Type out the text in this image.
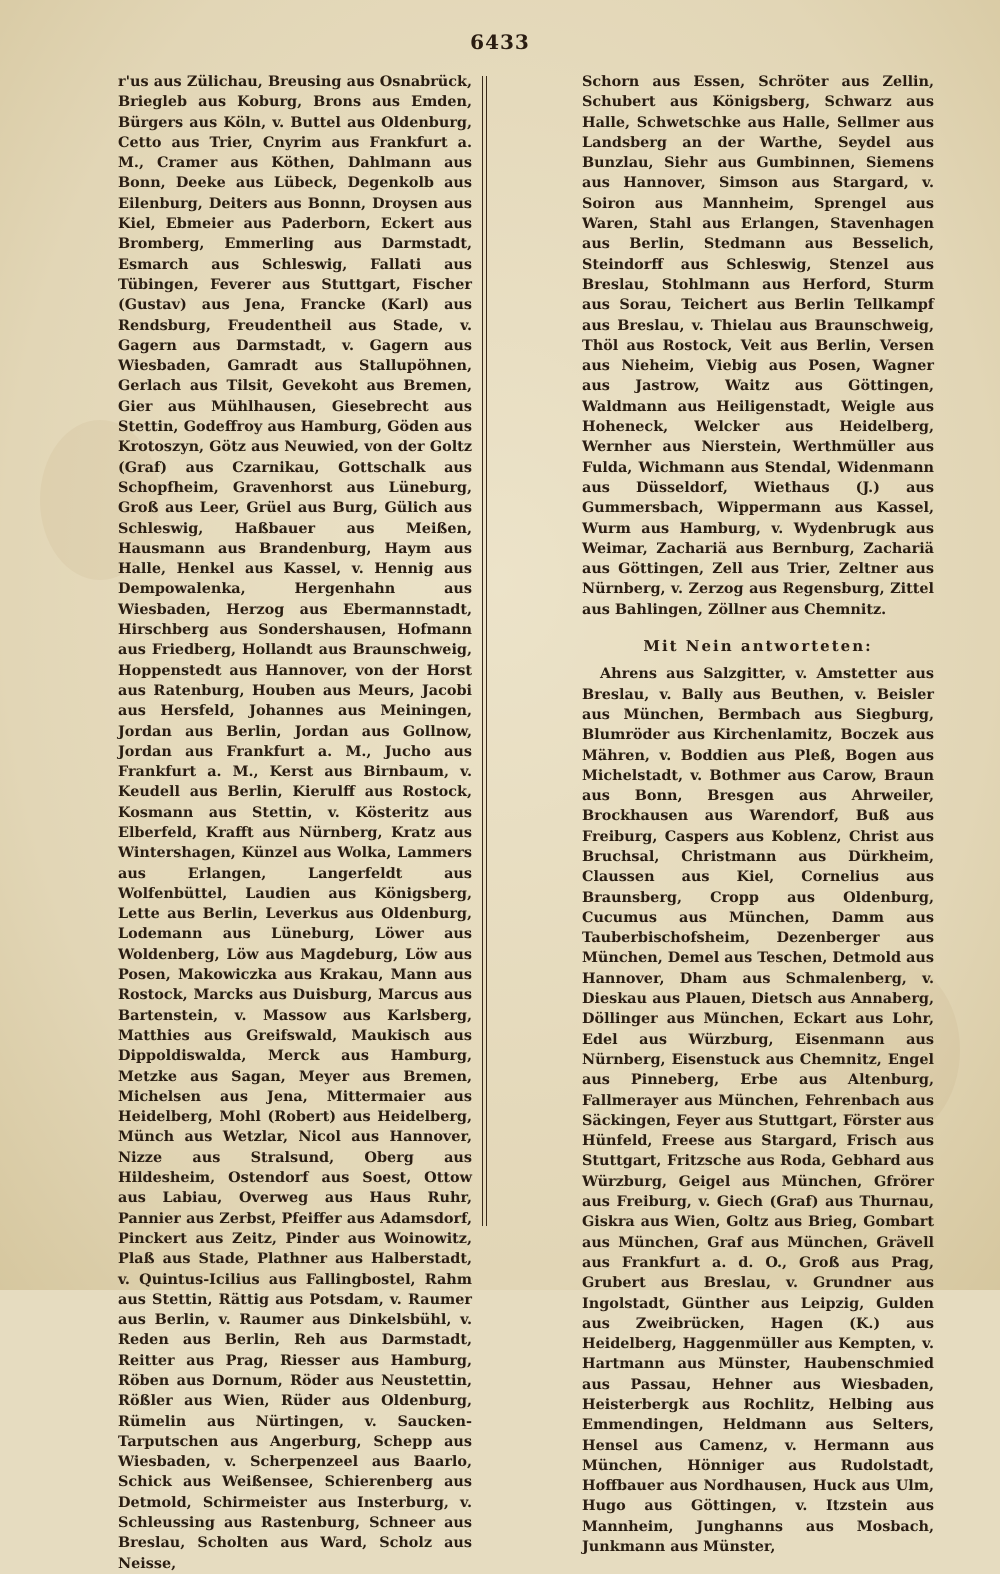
6433

r'us aus Zülichau, Breusing aus Osnabrück, Briegleb aus Koburg, Brons aus Emden, Bürgers aus Köln, v. Buttel aus Oldenburg, Cetto aus Trier, Cnyrim aus Frankfurt a. M., Cramer aus Köthen, Dahlmann aus Bonn, Deeke aus Lübeck, Degenkolb aus Eilenburg, Deiters aus Bonnn, Droysen aus Kiel, Ebmeier aus Paderborn, Eckert aus Bromberg, Emmerling aus Darmstadt, Esmarch aus Schleswig, Fallati aus Tübingen, Feverer aus Stuttgart, Fischer (Gustav) aus Jena, Francke (Karl) aus Rendsburg, Freudentheil aus Stade, v. Gagern aus Darmstadt, v. Gagern aus Wiesbaden, Gamradt aus Stallupöhnen, Gerlach aus Tilsit, Gevekoht aus Bremen, Gier aus Mühlhausen, Giesebrecht aus Stettin, Godeffroy aus Hamburg, Göden aus Krotoszyn, Götz aus Neuwied, von der Goltz (Graf) aus Czarnikau, Gottschalk aus Schopfheim, Gravenhorst aus Lüneburg, Groß aus Leer, Grüel aus Burg, Gülich aus Schleswig, Haßbauer aus Meißen, Hausmann aus Brandenburg, Haym aus Halle, Henkel aus Kassel, v. Hennig aus Dempowalenka, Hergenhahn aus Wiesbaden, Herzog aus Ebermannstadt, Hirschberg aus Sondershausen, Hofmann aus Friedberg, Hollandt aus Braunschweig, Hoppenstedt aus Hannover, von der Horst aus Ratenburg, Houben aus Meurs, Jacobi aus Hersfeld, Johannes aus Meiningen, Jordan aus Berlin, Jordan aus Gollnow, Jordan aus Frankfurt a. M., Jucho aus Frankfurt a. M., Kerst aus Birnbaum, v. Keudell aus Berlin, Kierulff aus Rostock, Kosmann aus Stettin, v. Kösteritz aus Elberfeld, Krafft aus Nürnberg, Kratz aus Wintershagen, Künzel aus Wolka, Lammers aus Erlangen, Langerfeldt aus Wolfenbüttel, Laudien aus Königsberg, Lette aus Berlin, Leverkus aus Oldenburg, Lodemann aus Lüneburg, Löwer aus Woldenberg, Löw aus Magdeburg, Löw aus Posen, Makowiczka aus Krakau, Mann aus Rostock, Marcks aus Duisburg, Marcus aus Bartenstein, v. Massow aus Karlsberg, Matthies aus Greifswald, Maukisch aus Dippoldiswalda, Merck aus Hamburg, Metzke aus Sagan, Meyer aus Bremen, Michelsen aus Jena, Mittermaier aus Heidelberg, Mohl (Robert) aus Heidelberg, Münch aus Wetzlar, Nicol aus Hannover, Nizze aus Stralsund, Oberg aus Hildesheim, Ostendorf aus Soest, Ottow aus Labiau, Overweg aus Haus Ruhr, Pannier aus Zerbst, Pfeiffer aus Adamsdorf, Pinckert aus Zeitz, Pinder aus Woinowitz, Plaß aus Stade, Plathner aus Halberstadt, v. Quintus-Icilius aus Fallingbostel, Rahm aus Stettin, Rättig aus Potsdam, v. Raumer aus Berlin, v. Raumer aus Dinkelsbühl, v. Reden aus Berlin, Reh aus Darmstadt, Reitter aus Prag, Riesser aus Hamburg, Röben aus Dornum, Röder aus Neustettin, Rößler aus Wien, Rüder aus Oldenburg, Rümelin aus Nürtingen, v. Saucken-Tarputschen aus Angerburg, Schepp aus Wiesbaden, v. Scherpenzeel aus Baarlo, Schick aus Weißensee, Schierenberg aus Detmold, Schirmeister aus Insterburg, v. Schleussing aus Rastenburg, Schneer aus Breslau, Scholten aus Ward, Scholz aus Neisse,

Schorn aus Essen, Schröter aus Zellin, Schubert aus Königsberg, Schwarz aus Halle, Schwetschke aus Halle, Sellmer aus Landsberg an der Warthe, Seydel aus Bunzlau, Siehr aus Gumbinnen, Siemens aus Hannover, Simson aus Stargard, v. Soiron aus Mannheim, Sprengel aus Waren, Stahl aus Erlangen, Stavenhagen aus Berlin, Stedmann aus Besselich, Steindorff aus Schleswig, Stenzel aus Breslau, Stohlmann aus Herford, Sturm aus Sorau, Teichert aus Berlin Tellkampf aus Breslau, v. Thielau aus Braunschweig, Thöl aus Rostock, Veit aus Berlin, Versen aus Nieheim, Viebig aus Posen, Wagner aus Jastrow, Waitz aus Göttingen, Waldmann aus Heiligenstadt, Weigle aus Hoheneck, Welcker aus Heidelberg, Wernher aus Nierstein, Werthmüller aus Fulda, Wichmann aus Stendal, Widenmann aus Düsseldorf, Wiethaus (J.) aus Gummersbach, Wippermann aus Kassel, Wurm aus Hamburg, v. Wydenbrugk aus Weimar, Zachariä aus Bernburg, Zachariä aus Göttingen, Zell aus Trier, Zeltner aus Nürnberg, v. Zerzog aus Regensburg, Zittel aus Bahlingen, Zöllner aus Chemnitz.

Mit Nein antworteten:

Ahrens aus Salzgitter, v. Amstetter aus Breslau, v. Bally aus Beuthen, v. Beisler aus München, Bermbach aus Siegburg, Blumröder aus Kirchenlamitz, Boczek aus Mähren, v. Boddien aus Pleß, Bogen aus Michelstadt, v. Bothmer aus Carow, Braun aus Bonn, Bresgen aus Ahrweiler, Brockhausen aus Warendorf, Buß aus Freiburg, Caspers aus Koblenz, Christ aus Bruchsal, Christmann aus Dürkheim, Claussen aus Kiel, Cornelius aus Braunsberg, Cropp aus Oldenburg, Cucumus aus München, Damm aus Tauberbischofsheim, Dezenberger aus München, Demel aus Teschen, Detmold aus Hannover, Dham aus Schmalenberg, v. Dieskau aus Plauen, Dietsch aus Annaberg, Döllinger aus München, Eckart aus Lohr, Edel aus Würzburg, Eisenmann aus Nürnberg, Eisenstuck aus Chemnitz, Engel aus Pinneberg, Erbe aus Altenburg, Fallmerayer aus München, Fehrenbach aus Säckingen, Feyer aus Stuttgart, Förster aus Hünfeld, Freese aus Stargard, Frisch aus Stuttgart, Fritzsche aus Roda, Gebhard aus Würzburg, Geigel aus München, Gfrörer aus Freiburg, v. Giech (Graf) aus Thurnau, Giskra aus Wien, Goltz aus Brieg, Gombart aus München, Graf aus München, Grävell aus Frankfurt a. d. O., Groß aus Prag, Grubert aus Breslau, v. Grundner aus Ingolstadt, Günther aus Leipzig, Gulden aus Zweibrücken, Hagen (K.) aus Heidelberg, Haggenmüller aus Kempten, v. Hartmann aus Münster, Haubenschmied aus Passau, Hehner aus Wiesbaden, Heisterbergk aus Rochlitz, Helbing aus Emmendingen, Heldmann aus Selters, Hensel aus Camenz, v. Hermann aus München, Hönniger aus Rudolstadt, Hoffbauer aus Nordhausen, Huck aus Ulm, Hugo aus Göttingen, v. Itzstein aus Mannheim, Junghanns aus Mosbach, Junkmann aus Münster,
